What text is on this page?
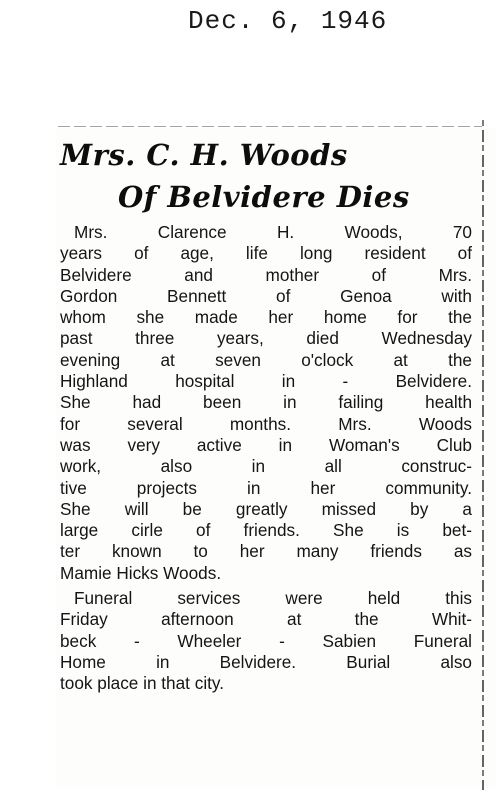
Dec. 6, 1946
Mrs. C. H. Woods
Of Belvidere Dies
Mrs. Clarence H. Woods, 70
years of age, life long resident of
Belvidere and mother of Mrs.
Gordon Bennett of Genoa with
whom she made her home for the
past three years, died Wednesday
evening at seven o'clock at the
Highland hospital in - Belvidere.
She had been in failing health
for several months. Mrs. Woods
was very active in Woman's Club
work, also in all construc-
tive projects in her community.
She will be greatly missed by a
large cirle of friends. She is bet-
ter known to her many friends as
Mamie Hicks Woods.
Funeral services were held this
Friday afternoon at the Whit-
beck - Wheeler - Sabien Funeral
Home in Belvidere. Burial also
took place in that city.
